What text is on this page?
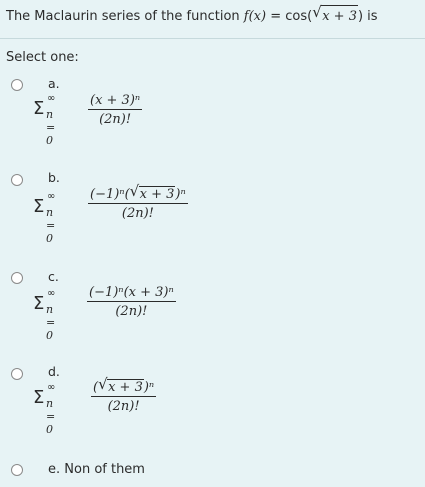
The Maclaurin series of the function f(x) = cos( √ x + 3) is
Select one:
a.
Σ ∞
n = 0
(x + 3)ⁿ
(2n)!
b.
Σ ∞
n = 0
(−1)ⁿ( √ x + 3)ⁿ
(2n)!
c.
Σ ∞
n = 0
(−1)ⁿ(x + 3)ⁿ
(2n)!
d.
Σ ∞
n = 0
( √ x + 3)ⁿ
(2n)!
e. Non of them
